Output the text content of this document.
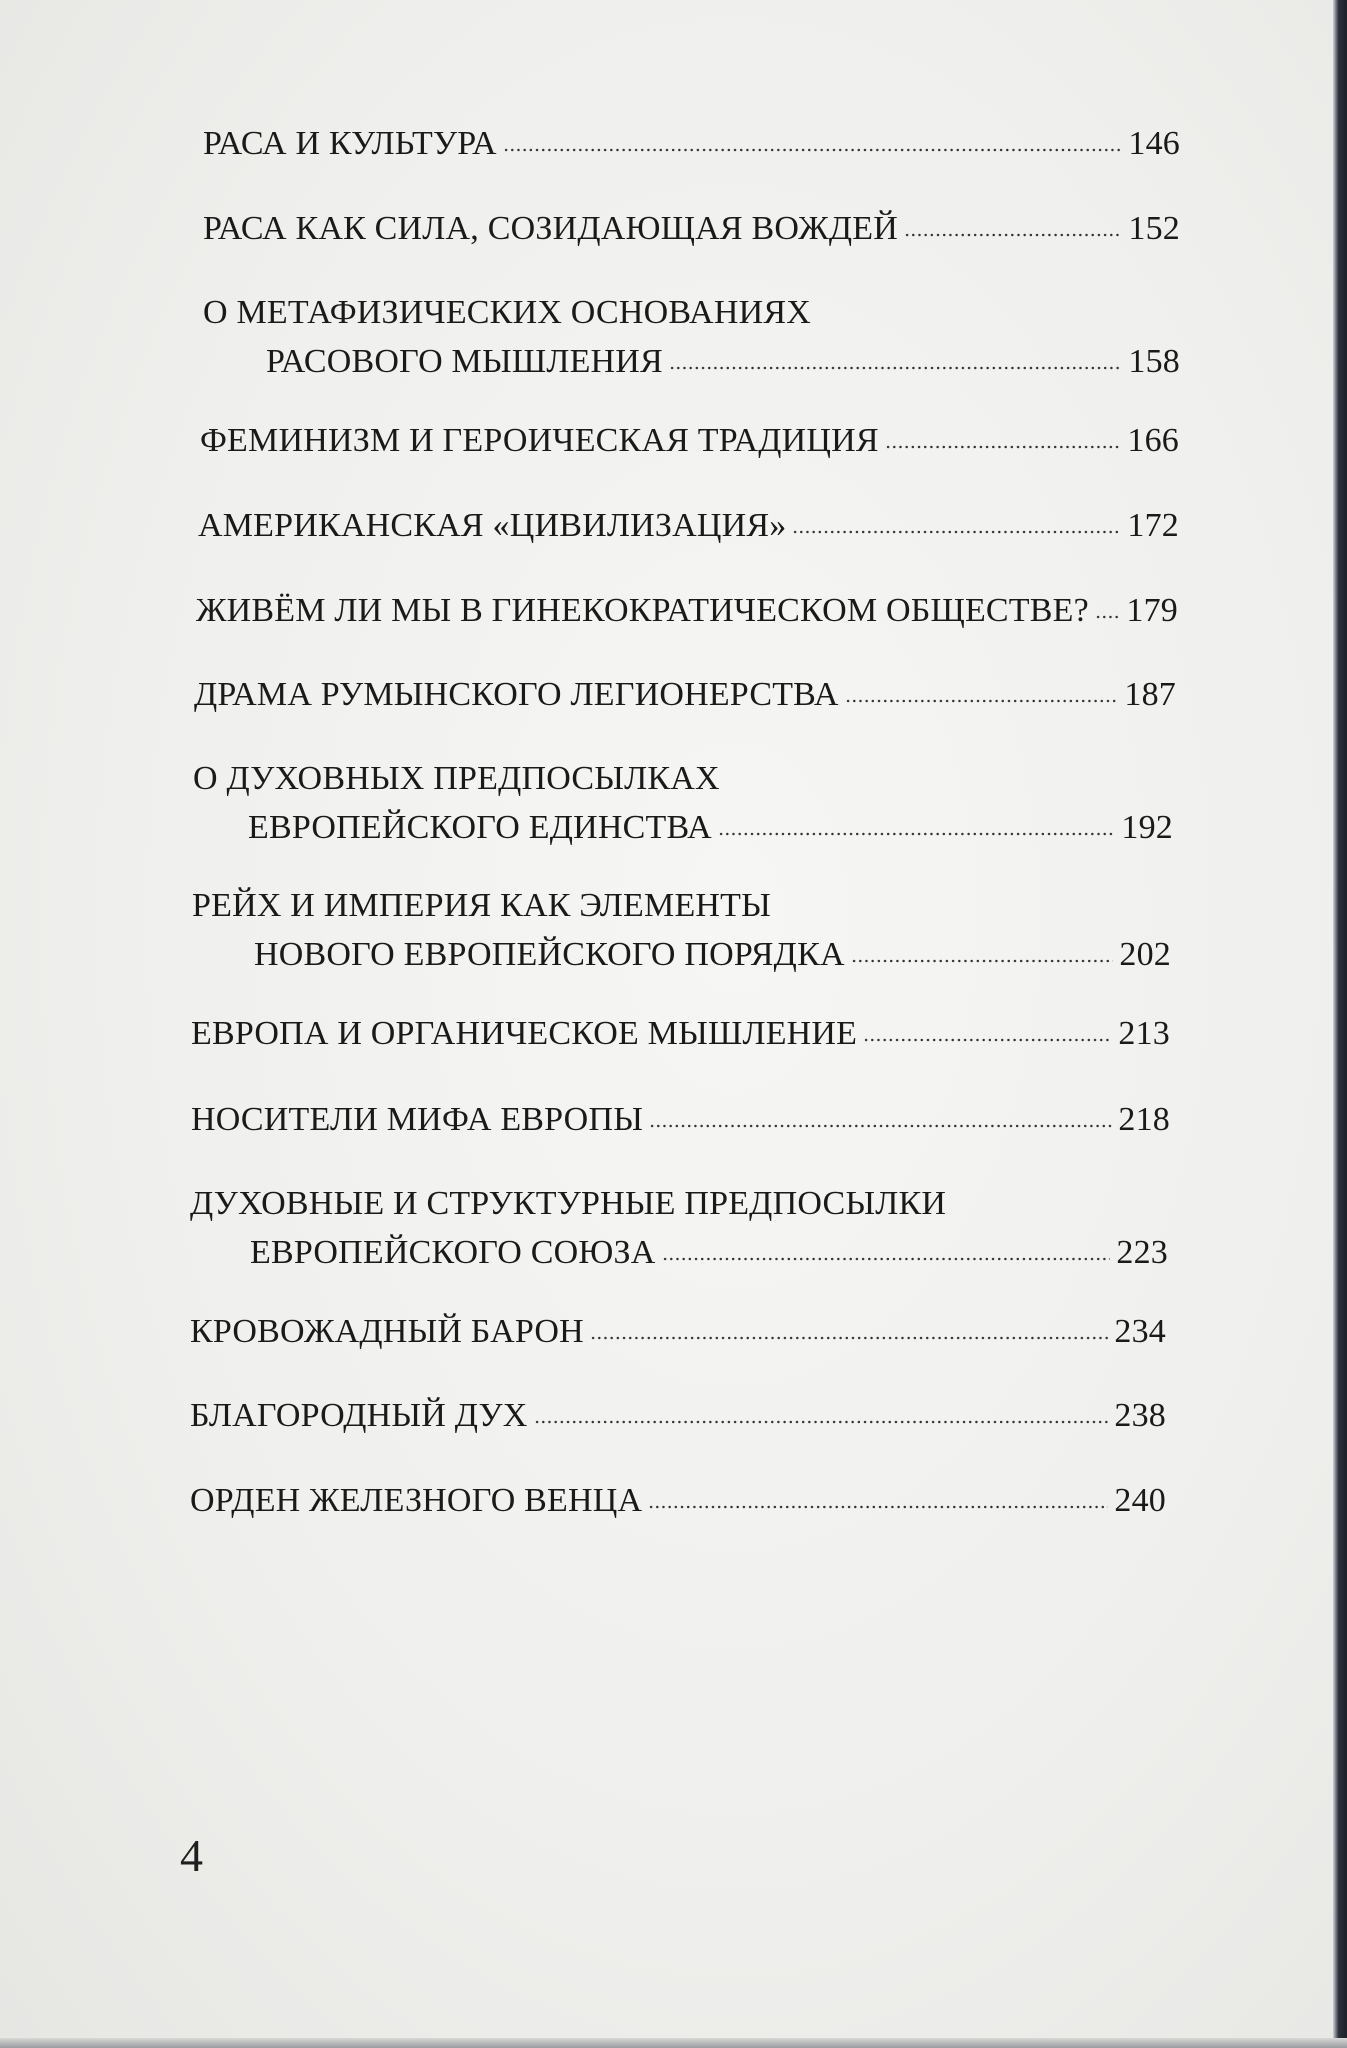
РАСА И КУЛЬТУРА	146
РАСА КАК СИЛА, СОЗИДАЮЩАЯ ВОЖДЕЙ	152
О МЕТАФИЗИЧЕСКИХ ОСНОВАНИЯХ
РАСОВОГО МЫШЛЕНИЯ	158
ФЕМИНИЗМ И ГЕРОИЧЕСКАЯ ТРАДИЦИЯ	166
АМЕРИКАНСКАЯ «ЦИВИЛИЗАЦИЯ»	172
ЖИВЁМ ЛИ МЫ В ГИНЕКОКРАТИЧЕСКОМ ОБЩЕСТВЕ? 179
ДРАМА РУМЫНСКОГО ЛЕГИОНЕРСТВА	187
О ДУХОВНЫХ ПРЕДПОСЫЛКАХ
ЕВРОПЕЙСКОГО ЕДИНСТВА	192
РЕЙХ И ИМПЕРИЯ КАК ЭЛЕМЕНТЫ
НОВОГО ЕВРОПЕЙСКОГО ПОРЯДКА	202
ЕВРОПА И ОРГАНИЧЕСКОЕ МЫШЛЕНИЕ	213
НОСИТЕЛИ МИФА ЕВРОПЫ	218
ДУХОВНЫЕ И СТРУКТУРНЫЕ ПРЕДПОСЫЛКИ
ЕВРОПЕЙСКОГО СОЮЗА	223
КРОВОЖАДНЫЙ БАРОН	234
БЛАГОРОДНЫЙ ДУХ	238
ОРДЕН ЖЕЛЕЗНОГО ВЕНЦА	240
4
